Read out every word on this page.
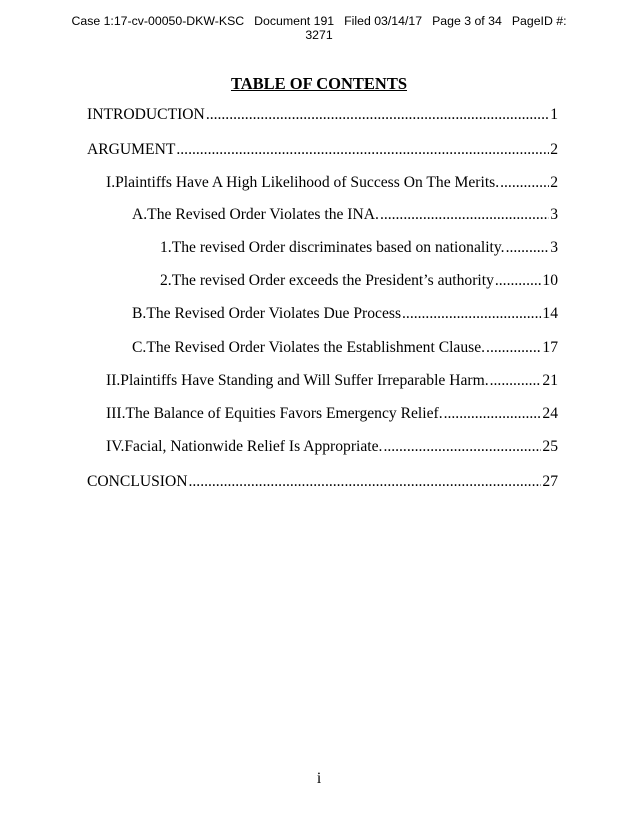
Case 1:17-cv-00050-DKW-KSC Document 191 Filed 03/14/17 Page 3 of 34 PageID #:
3271
TABLE OF CONTENTS
INTRODUCTION .....	1
ARGUMENT .....	2
I. Plaintiffs Have A High Likelihood of Success On The Merits. .....	2
A. The Revised Order Violates the INA. .....	3
1. The revised Order discriminates based on nationality. .....	3
2. The revised Order exceeds the President’s authority .....	10
B. The Revised Order Violates Due Process .....	14
C. The Revised Order Violates the Establishment Clause. .....	17
II. Plaintiffs Have Standing and Will Suffer Irreparable Harm. .....	21
III. The Balance of Equities Favors Emergency Relief. .....	24
IV. Facial, Nationwide Relief Is Appropriate. .....	25
CONCLUSION .....	27
i
